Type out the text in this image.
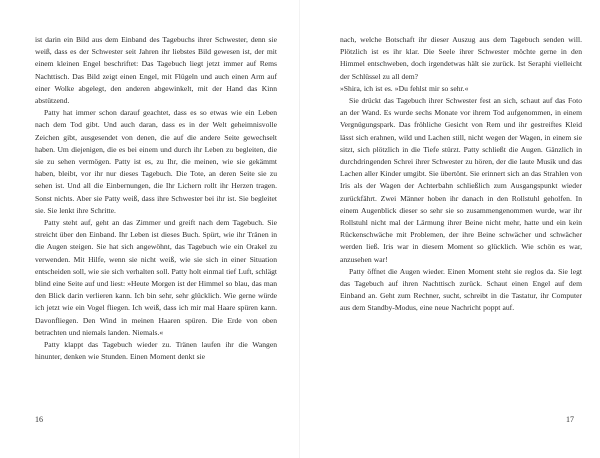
ist darin ein Bild aus dem Einband des Tagebuchs ihrer Schwester, denn sie weiß, dass es der Schwester seit Jahren ihr liebstes Bild gewesen ist, der mit einem kleinen Engel beschriftet: Das Tagebuch liegt jetzt immer auf Rems Nachttisch. Das Bild zeigt einen Engel, mit Flügeln und auch einen Arm auf einer Wolke abgelegt, den anderen abgewinkelt, mit der Hand das Kinn abstützend.

Patty hat immer schon darauf geachtet, dass es so etwas wie ein Leben nach dem Tod gibt. Und auch daran, dass es in der Welt geheimnisvolle Zeichen gibt, ausgesendet von denen, die auf die andere Seite gewechselt haben. Um diejenigen, die es bei einem und durch ihr Leben zu begleiten, die sie zu sehen vermögen. Patty ist es, zu Ihr, die meinen, wie sie gekämmt haben, bleibt, vor ihr nur dieses Tagebuch. Die Tote, an deren Seite sie zu sehen ist. Und all die Einbernungen, die Ihr Lichern rollt ihr Herzen tragen. Sonst nichts. Aber sie Patty weiß, dass ihre Schwester bei ihr ist. Sie begleitet sie. Sie lenkt ihre Schritte.

Patty steht auf, geht an das Zimmer und greift nach dem Tagebuch. Sie streicht über den Einband. Ihr Leben ist dieses Buch. Spürt, wie ihr Tränen in die Augen steigen. Sie hat sich angewöhnt, das Tagebuch wie ein Orakel zu verwenden. Mit Hilfe, wenn sie nicht weiß, wie sie sich in einer Situation entscheiden soll, wie sie sich verhalten soll. Patty holt einmal tief Luft, schlägt blind eine Seite auf und liest: »Heute Morgen ist der Himmel so blau, das man den Blick darin verlieren kann. Ich bin sehr, sehr glücklich. Wie gerne würde ich jetzt wie ein Vogel fliegen. Ich weiß, dass ich mir mal Haare spüren kann. Davonfliegen. Den Wind in meinen Haaren spüren. Die Erde von oben betrachten und niemals landen. Niemals.«

Patty klappt das Tagebuch wieder zu. Tränen laufen ihr die Wangen hinunter, denken wie Stunden. Einen Moment denkt sie

nach, welche Botschaft ihr dieser Auszug aus dem Tagebuch senden will. Plötzlich ist es ihr klar. Die Seele ihrer Schwester möchte gerne in den Himmel entschweben, doch irgendetwas hält sie zurück. Ist Seraphi vielleicht der Schlüssel zu all dem?

»Shira, ich ist es. »Du fehlst mir so sehr.«

Sie drückt das Tagebuch ihrer Schwester fest an sich, schaut auf das Foto an der Wand. Es wurde sechs Monate vor ihrem Tod aufgenommen, in einem Vergnügungspark. Das fröhliche Gesicht von Rem und ihr gestreiftes Kleid lässt sich erahnen, wild und Lachen still, nicht wegen der Wagen, in einem sie sitzt, sich plötzlich in die Tiefe stürzt. Patty schließt die Augen. Gänzlich in durchdringenden Schrei ihrer Schwester zu hören, der die laute Musik und das Lachen aller Kinder umgibt. Sie übertönt. Sie erinnert sich an das Strahlen von Iris als der Wagen der Achterbahn schließlich zum Ausgangspunkt wieder zurückfährt. Zwei Männer hoben ihr danach in den Rollstuhl geholfen. In einem Augenblick dieser so sehr sie so zusammengenommen wurde, war ihr Rollstuhl nicht mal der Lärmung ihrer Beine nicht mehr, hatte und ein kein Rückenschwäche mit Problemen, der ihre Beine schwächer und schwächer werden ließ. Iris war in diesem Moment so glücklich. Wie schön es war, anzusehen war!

Patty öffnet die Augen wieder. Einen Moment steht sie reglos da. Sie legt das Tagebuch auf ihren Nachttisch zurück. Schaut einen Engel auf dem Einband an. Geht zum Rechner, sucht, schreibt in die Tastatur, ihr Computer aus dem Standby-Modus, eine neue Nachricht poppt auf.

16	17
